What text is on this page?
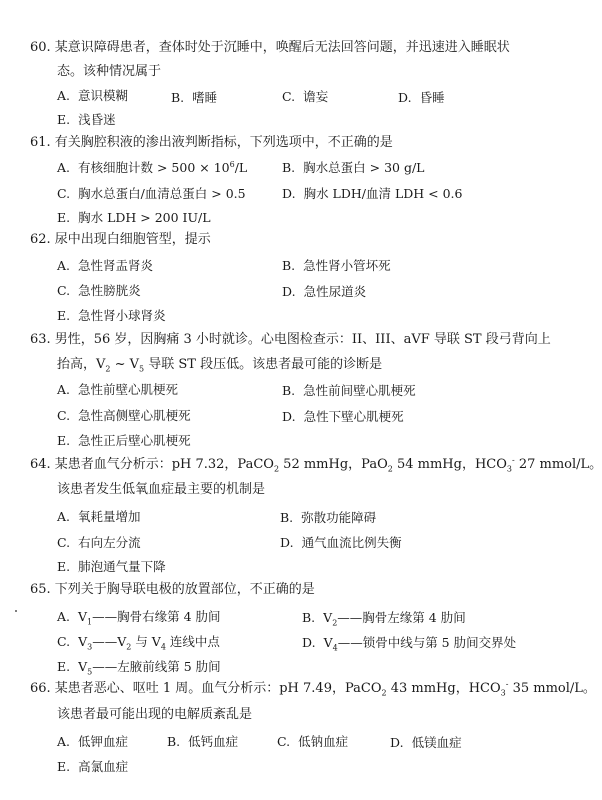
60. 某意识障碍患者，查体时处于沉睡中，唤醒后无法回答问题，并迅速进入睡眠状
态。该种情况属于
A. 意识模糊	B. 嗜睡	C. 谵妄	D. 昏睡
E. 浅昏迷
61. 有关胸腔积液的渗出液判断指标，下列选项中，不正确的是
A. 有核细胞计数 > $500 \times 10^6/L$	B. 胸水总蛋白 > 30 g/L
C. 胸水总蛋白/血清总蛋白 > 0.5	D. 胸水 LDH/血清 LDH < 0.6
E. 胸水 LDH > 200 IU/L
62. 尿中出现白细胞管型，提示
A. 急性肾盂肾炎	B. 急性肾小管坏死
C. 急性膀胱炎	D. 急性尿道炎
E. 急性肾小球肾炎
63. 男性，56 岁，因胸痛 3 小时就诊。心电图检查示：II、III、aVF 导联 ST 段弓背向上
抬高，$V_2$ ~ $V_5$ 导联 ST 段压低。该患者最可能的诊断是
A. 急性前壁心肌梗死	B. 急性前间壁心肌梗死
C. 急性高侧壁心肌梗死	D. 急性下壁心肌梗死
E. 急性正后壁心肌梗死
64. 某患者血气分析示：pH 7.32，PaCO$_2$ 52 mmHg，PaO$_2$ 54 mmHg，$HCO_3^-$ 27 mmol/L。
该患者发生低氧血症最主要的机制是
A. 氧耗量增加	B. 弥散功能障碍
C. 右向左分流	D. 通气血流比例失衡
E. 肺泡通气量下降
65. 下列关于胸导联电极的放置部位，不正确的是
A. $V_1——$胸骨右缘第 4 肋间	B. $V_2——$胸骨左缘第 4 肋间
C. $V_3——V_2$ 与 $V_4$ 连线中点	D. $V_4——$锁骨中线与第 5 肋间交界处
E. $V_5——$左腋前线第 5 肋间
66. 某患者恶心、呕吐 1 周。血气分析示：pH 7.49，PaCO$_2$ 43 mmHg，$HCO_3^-$ 35 mmol/L。
该患者最可能出现的电解质紊乱是
A. 低钾血症	B. 低钙血症	C. 低钠血症	D. 低镁血症
E. 高氯血症
